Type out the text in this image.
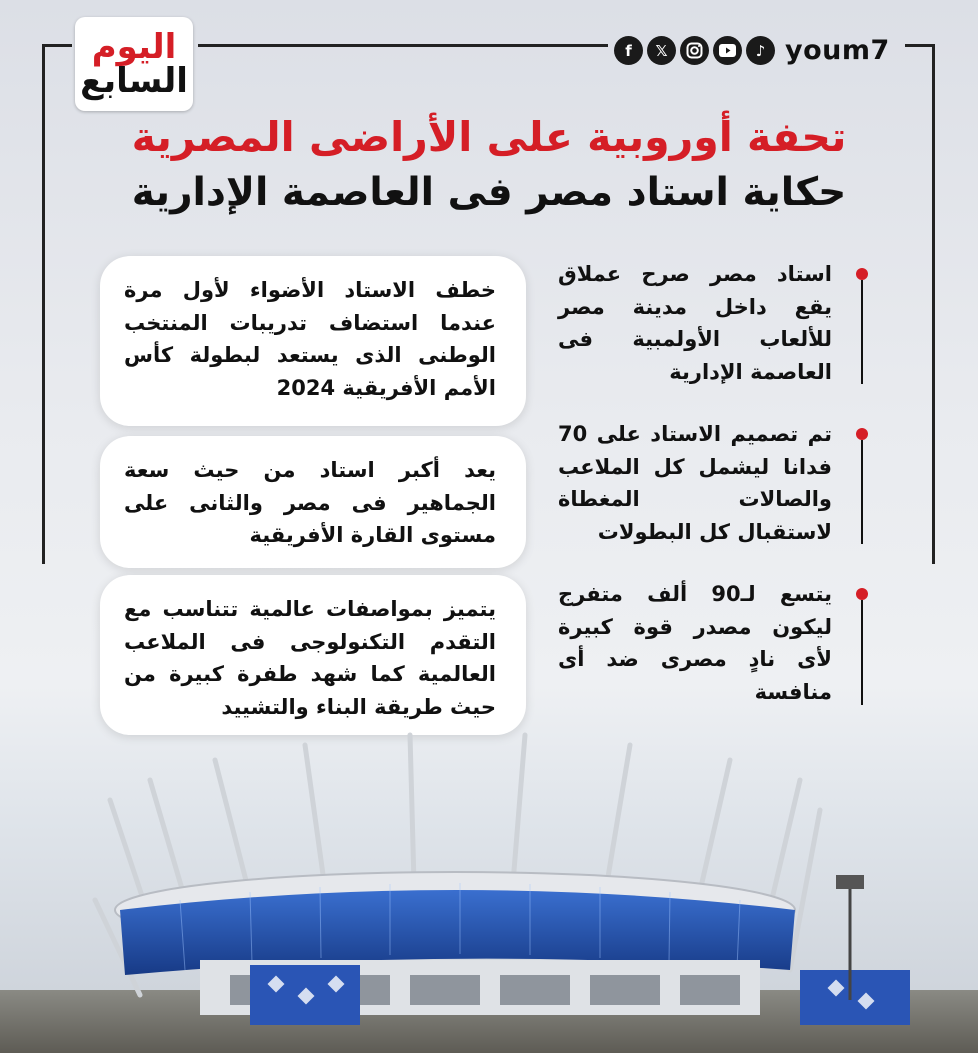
اليوم
السابع
f	𝕏	♪ youm7
تحفة أوروبية على الأراضى المصرية
حكاية استاد مصر فى العاصمة الإدارية
خطف الاستاد الأضواء لأول مرة عندما استضاف تدريبات المنتخب الوطنى الذى يستعد لبطولة كأس الأمم الأفريقية 2024
يعد أكبر استاد من حيث سعة الجماهير فى مصر والثانى على مستوى القارة الأفريقية
يتميز بمواصفات عالمية تتناسب مع التقدم التكنولوجى فى الملاعب العالمية كما شهد طفرة كبيرة من حيث طريقة البناء والتشييد
استاد مصر صرح عملاق يقع داخل مدينة مصر للألعاب الأولمبية فى العاصمة الإدارية
تم تصميم الاستاد على 70 فدانا ليشمل كل الملاعب والصالات المغطاة لاستقبال كل البطولات
يتسع لـ90 ألف متفرج ليكون مصدر قوة كبيرة لأى نادٍ مصرى ضد أى منافسة
